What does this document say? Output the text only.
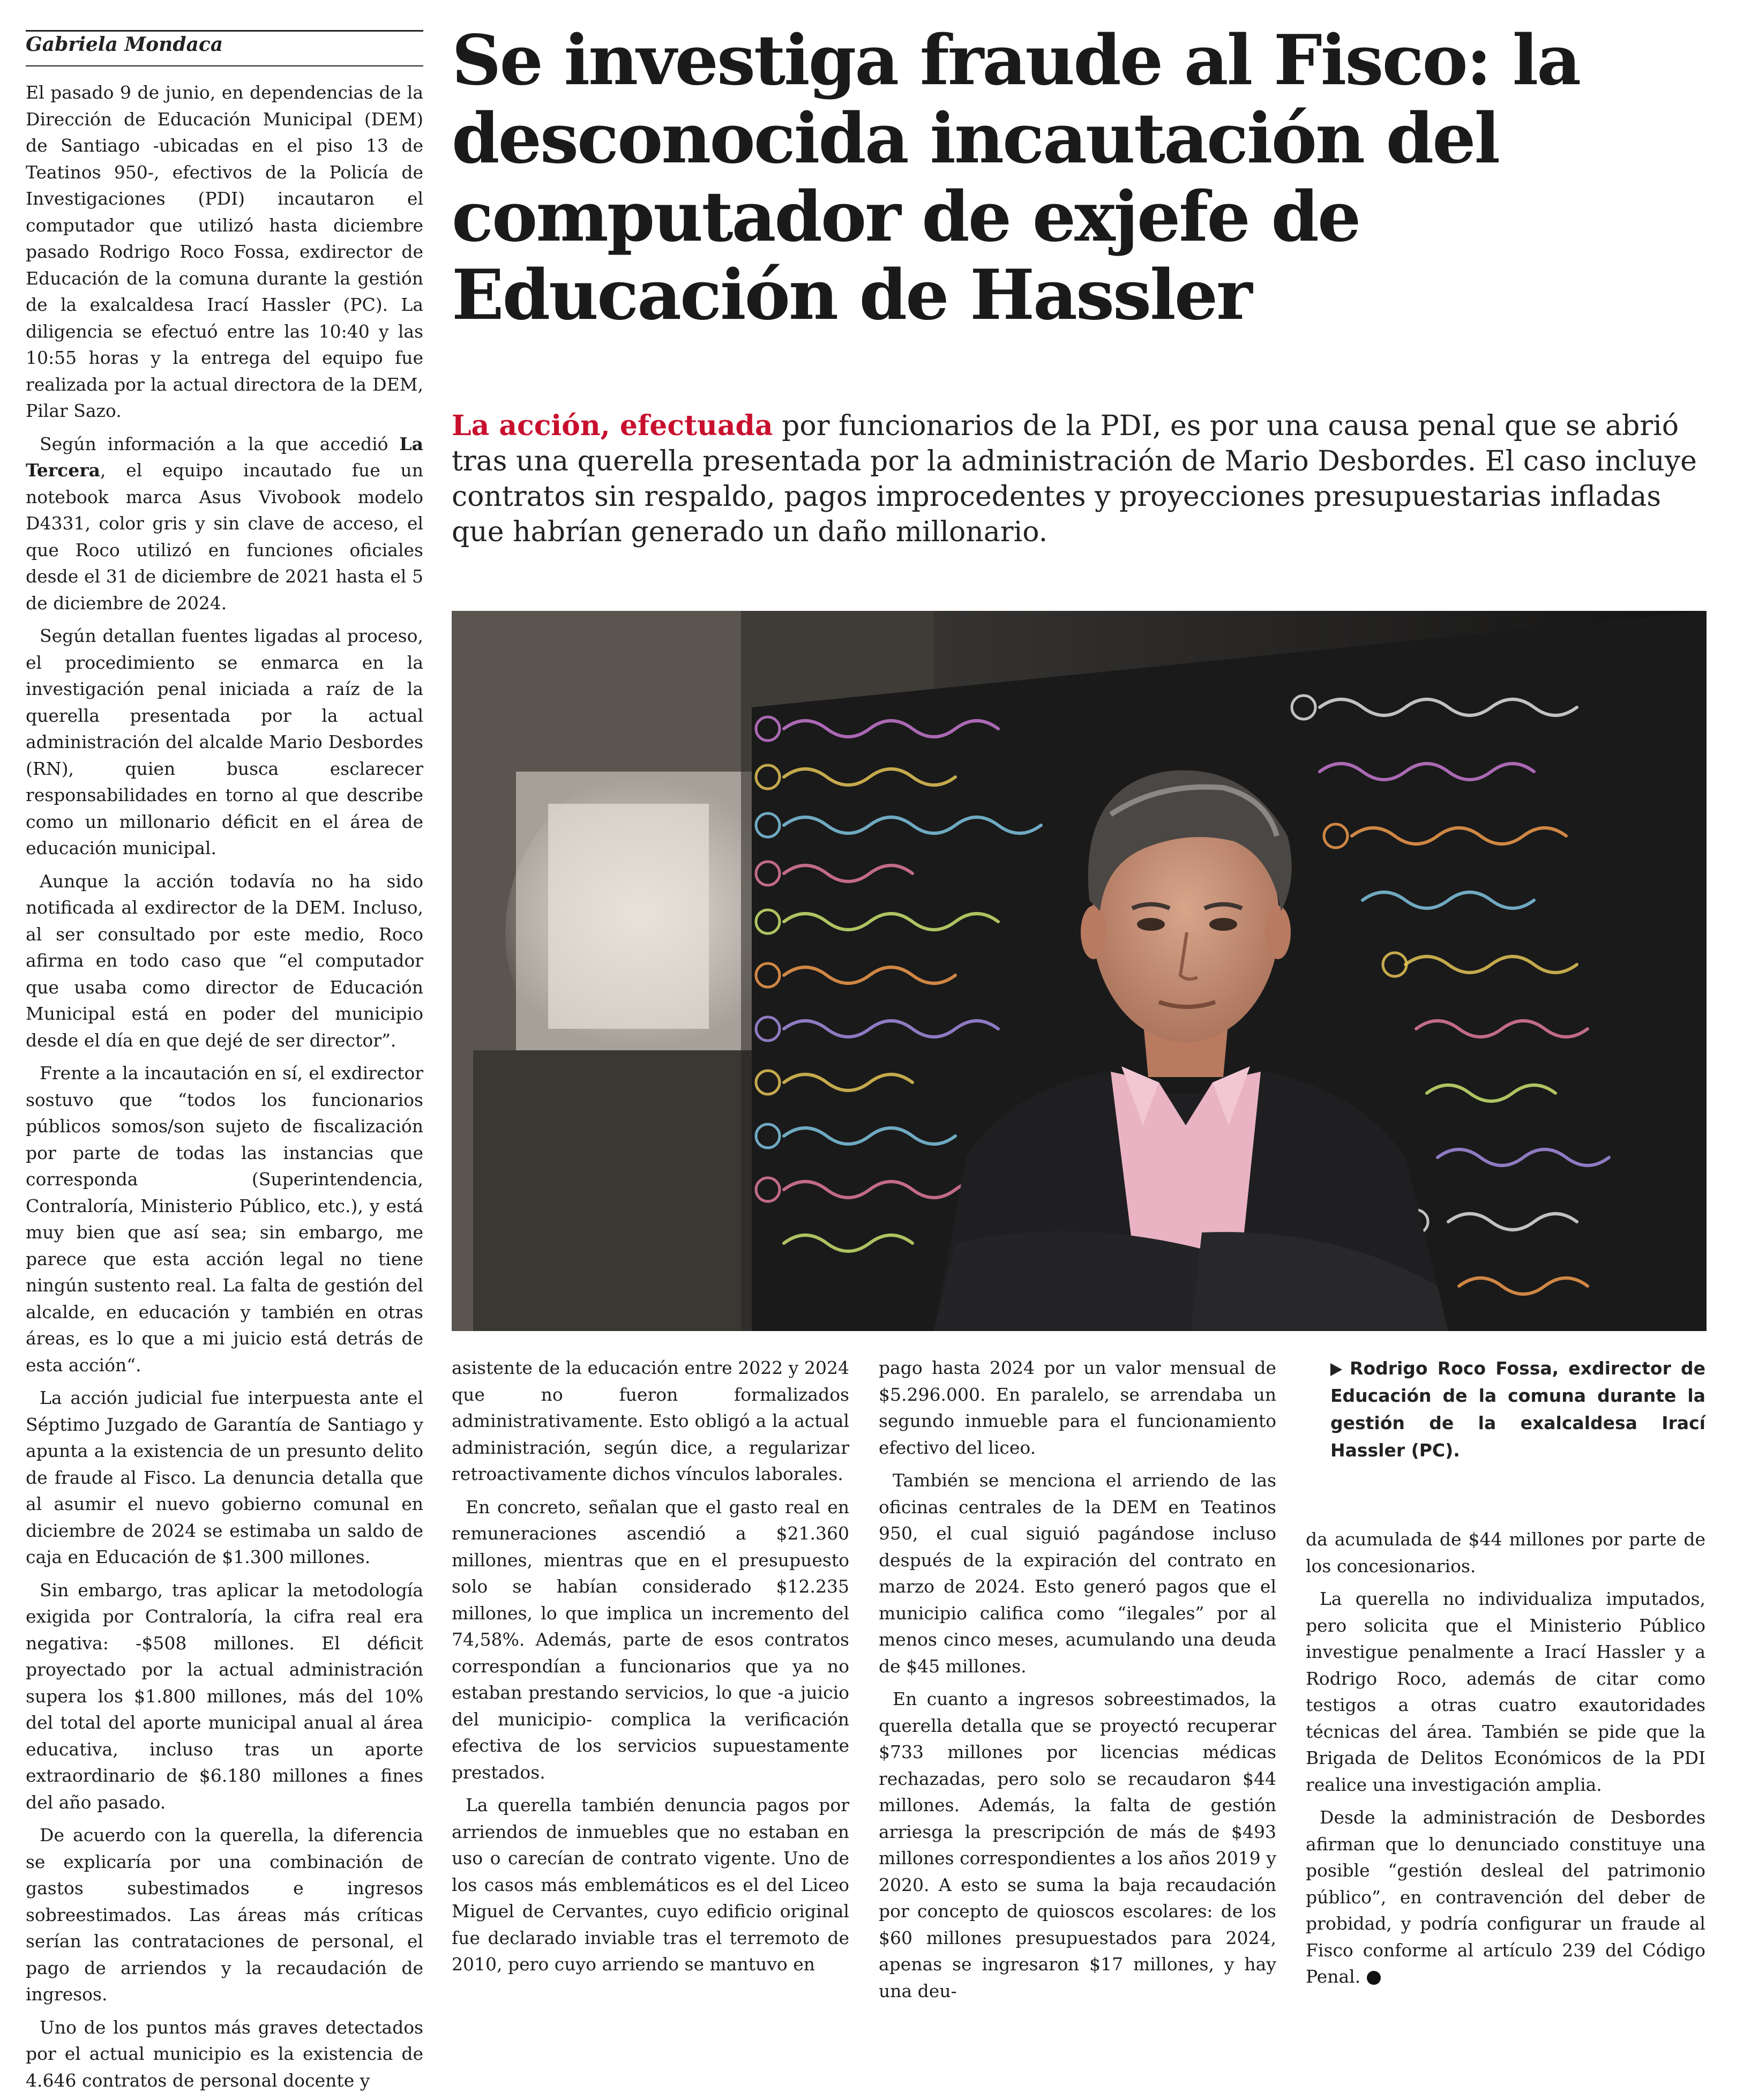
Gabriela Mondaca

El pasado 9 de junio, en dependencias de la Dirección de Educación Municipal (DEM) de Santiago -ubicadas en el piso 13 de Teatinos 950-, efectivos de la Policía de Investigaciones (PDI) incautaron el computador que utilizó hasta diciembre pasado Rodrigo Roco Fossa, exdirector de Educación de la comuna durante la gestión de la exalcaldesa Irací Hassler (PC). La diligencia se efectuó entre las 10:40 y las 10:55 horas y la entrega del equipo fue realizada por la actual directora de la DEM, Pilar Sazo.

Según información a la que accedió La Tercera, el equipo incautado fue un notebook marca Asus Vivobook modelo D4331, color gris y sin clave de acceso, el que Roco utilizó en funciones oficiales desde el 31 de diciembre de 2021 hasta el 5 de diciembre de 2024.

Según detallan fuentes ligadas al proceso, el procedimiento se enmarca en la investigación penal iniciada a raíz de la querella presentada por la actual administración del alcalde Mario Desbordes (RN), quien busca esclarecer responsabilidades en torno al que describe como un millonario déficit en el área de educación municipal.

Aunque la acción todavía no ha sido notificada al exdirector de la DEM. Incluso, al ser consultado por este medio, Roco afirma en todo caso que “el computador que usaba como director de Educación Municipal está en poder del municipio desde el día en que dejé de ser director”.

Frente a la incautación en sí, el exdirector sostuvo que “todos los funcionarios públicos somos/son sujeto de fiscalización por parte de todas las instancias que corresponda (Superintendencia, Contraloría, Ministerio Público, etc.), y está muy bien que así sea; sin embargo, me parece que esta acción legal no tiene ningún sustento real. La falta de gestión del alcalde, en educación y también en otras áreas, es lo que a mi juicio está detrás de esta acción“.

La acción judicial fue interpuesta ante el Séptimo Juzgado de Garantía de Santiago y apunta a la existencia de un presunto delito de fraude al Fisco. La denuncia detalla que al asumir el nuevo gobierno comunal en diciembre de 2024 se estimaba un saldo de caja en Educación de $1.300 millones.

Sin embargo, tras aplicar la metodología exigida por Contraloría, la cifra real era negativa: -$508 millones. El déficit proyectado por la actual administración supera los $1.800 millones, más del 10% del total del aporte municipal anual al área educativa, incluso tras un aporte extraordinario de $6.180 millones a fines del año pasado.

De acuerdo con la querella, la diferencia se explicaría por una combinación de gastos subestimados e ingresos sobreestimados. Las áreas más críticas serían las contrataciones de personal, el pago de arriendos y la recaudación de ingresos.

Uno de los puntos más graves detectados por el actual municipio es la existencia de 4.646 contratos de personal docente y

Se investiga fraude al Fisco: la desconocida incautación del computador de exjefe de Educación de Hassler
La acción, efectuada por funcionarios de la PDI, es por una causa penal que se abrió tras una querella presentada por la administración de Mario Desbordes. El caso incluye contratos sin respaldo, pagos improcedentes y proyecciones presupuestarias infladas que habrían generado un daño millonario.

asistente de la educación entre 2022 y 2024 que no fueron formalizados administrativamente. Esto obligó a la actual administración, según dice, a regularizar retroactivamente dichos vínculos laborales.

En concreto, señalan que el gasto real en remuneraciones ascendió a $21.360 millones, mientras que en el presupuesto solo se habían considerado $12.235 millones, lo que implica un incremento del 74,58%. Además, parte de esos contratos correspondían a funcionarios que ya no estaban prestando servicios, lo que -a juicio del municipio- complica la verificación efectiva de los servicios supuestamente prestados.

La querella también denuncia pagos por arriendos de inmuebles que no estaban en uso o carecían de contrato vigente. Uno de los casos más emblemáticos es el del Liceo Miguel de Cervantes, cuyo edificio original fue declarado inviable tras el terremoto de 2010, pero cuyo arriendo se mantuvo en

pago hasta 2024 por un valor mensual de $5.296.000. En paralelo, se arrendaba un segundo inmueble para el funcionamiento efectivo del liceo.

También se menciona el arriendo de las oficinas centrales de la DEM en Teatinos 950, el cual siguió pagándose incluso después de la expiración del contrato en marzo de 2024. Esto generó pagos que el municipio califica como “ilegales” por al menos cinco meses, acumulando una deuda de $45 millones.

En cuanto a ingresos sobreestimados, la querella detalla que se proyectó recuperar $733 millones por licencias médicas rechazadas, pero solo se recaudaron $44 millones. Además, la falta de gestión arriesga la prescripción de más de $493 millones correspondientes a los años 2019 y 2020. A esto se suma la baja recaudación por concepto de quioscos escolares: de los $60 millones presupuestados para 2024, apenas se ingresaron $17 millones, y hay una deu-

Rodrigo Roco Fossa, exdirector de Educación de la comuna durante la gestión de la exalcaldesa Irací Hassler (PC).

da acumulada de $44 millones por parte de los concesionarios.

La querella no individualiza imputados, pero solicita que el Ministerio Público investigue penalmente a Irací Hassler y a Rodrigo Roco, además de citar como testigos a otras cuatro exautoridades técnicas del área. También se pide que la Brigada de Delitos Económicos de la PDI realice una investigación amplia.

Desde la administración de Desbordes afirman que lo denunciado constituye una posible “gestión desleal del patrimonio público”, en contravención del deber de probidad, y podría configurar un fraude al Fisco conforme al artículo 239 del Código Penal.
